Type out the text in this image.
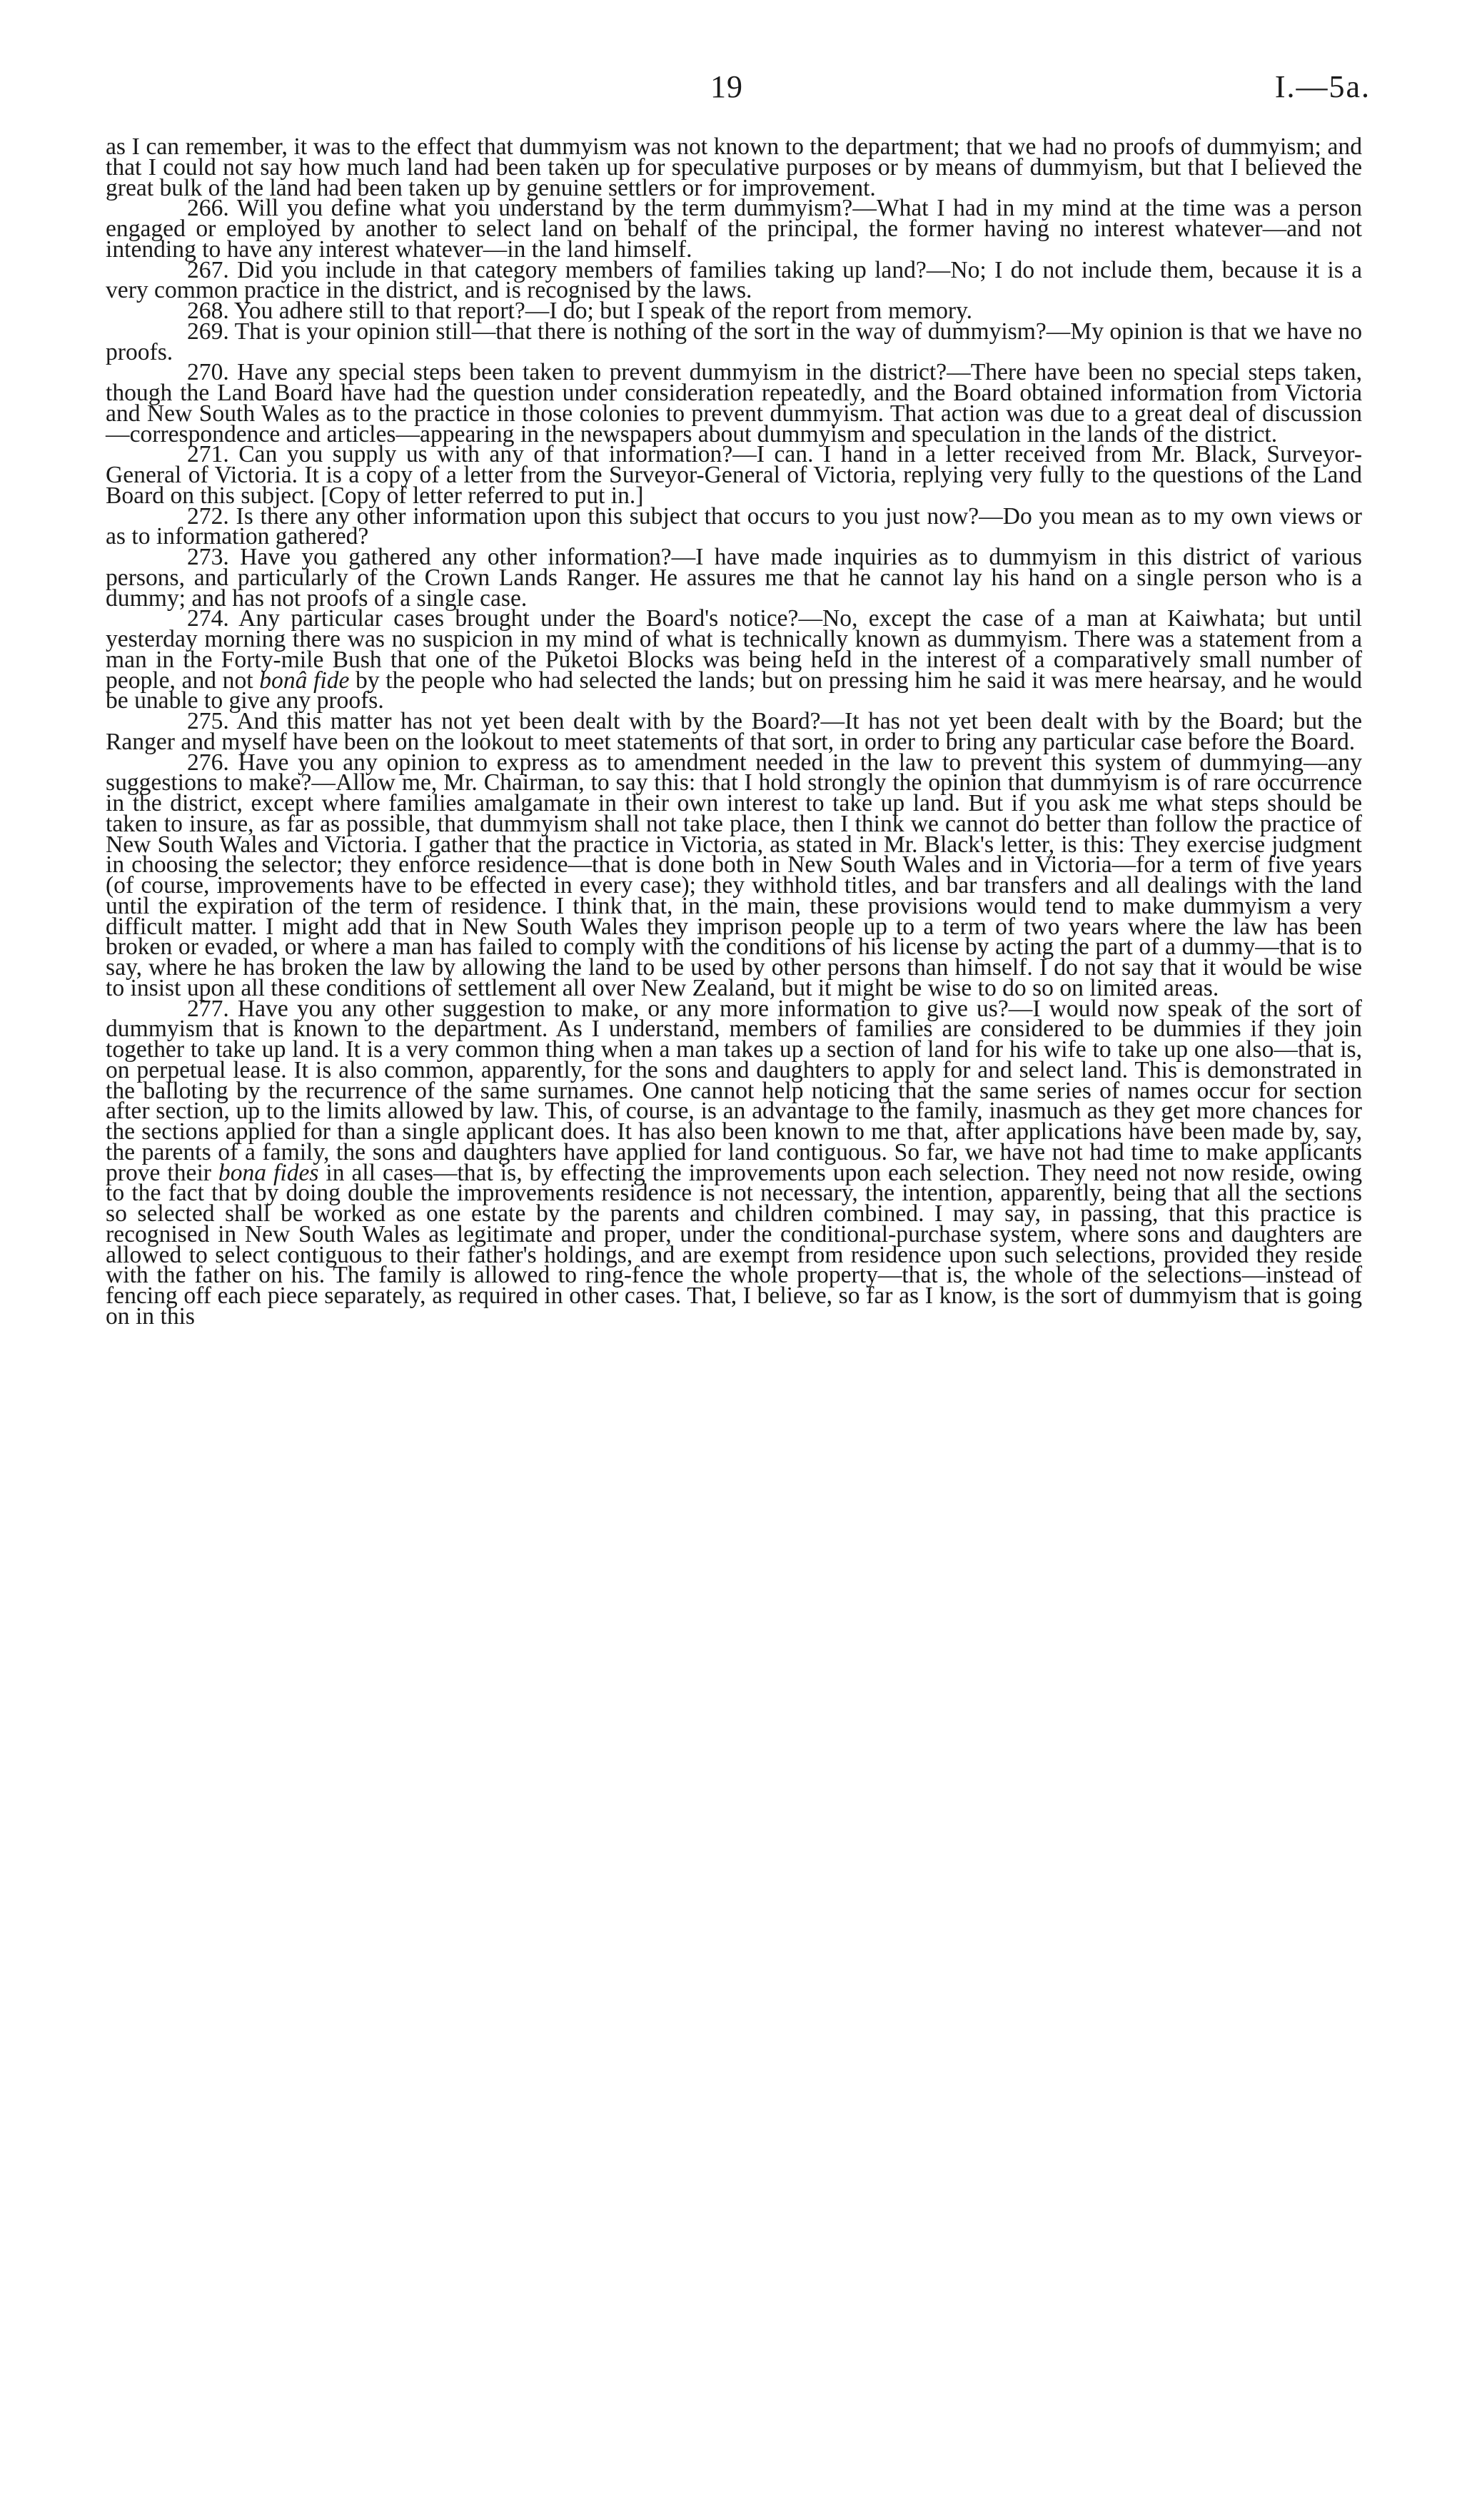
19	I.—5a.

as I can remember, it was to the effect that dummyism was not known to the department; that we had no proofs of dummyism; and that I could not say how much land had been taken up for speculative purposes or by means of dummyism, but that I believed the great bulk of the land had been taken up by genuine settlers or for improvement.

266. Will you define what you understand by the term dummyism?—What I had in my mind at the time was a person engaged or employed by another to select land on behalf of the principal, the former having no interest whatever—and not intending to have any interest whatever—in the land himself.

267. Did you include in that category members of families taking up land?—No; I do not include them, because it is a very common practice in the district, and is recognised by the laws.

268. You adhere still to that report?—I do; but I speak of the report from memory.

269. That is your opinion still—that there is nothing of the sort in the way of dummyism?—My opinion is that we have no proofs.

270. Have any special steps been taken to prevent dummyism in the district?—There have been no special steps taken, though the Land Board have had the question under consideration repeatedly, and the Board obtained information from Victoria and New South Wales as to the practice in those colonies to prevent dummyism. That action was due to a great deal of discussion—correspondence and articles—appearing in the newspapers about dummyism and speculation in the lands of the district.

271. Can you supply us with any of that information?—I can. I hand in a letter received from Mr. Black, Surveyor-General of Victoria. It is a copy of a letter from the Surveyor-General of Victoria, replying very fully to the questions of the Land Board on this subject. [Copy of letter referred to put in.]

272. Is there any other information upon this subject that occurs to you just now?—Do you mean as to my own views or as to information gathered?

273. Have you gathered any other information?—I have made inquiries as to dummyism in this district of various persons, and particularly of the Crown Lands Ranger. He assures me that he cannot lay his hand on a single person who is a dummy; and has not proofs of a single case.

274. Any particular cases brought under the Board's notice?—No, except the case of a man at Kaiwhata; but until yesterday morning there was no suspicion in my mind of what is technically known as dummyism. There was a statement from a man in the Forty-mile Bush that one of the Puketoi Blocks was being held in the interest of a comparatively small number of people, and not bonâ fide by the people who had selected the lands; but on pressing him he said it was mere hearsay, and he would be unable to give any proofs.

275. And this matter has not yet been dealt with by the Board?—It has not yet been dealt with by the Board; but the Ranger and myself have been on the lookout to meet statements of that sort, in order to bring any particular case before the Board.

276. Have you any opinion to express as to amendment needed in the law to prevent this system of dummying—any suggestions to make?—Allow me, Mr. Chairman, to say this: that I hold strongly the opinion that dummyism is of rare occurrence in the district, except where families amalgamate in their own interest to take up land. But if you ask me what steps should be taken to insure, as far as possible, that dummyism shall not take place, then I think we cannot do better than follow the practice of New South Wales and Victoria. I gather that the practice in Victoria, as stated in Mr. Black's letter, is this: They exercise judgment in choosing the selector; they enforce residence—that is done both in New South Wales and in Victoria—for a term of five years (of course, improvements have to be effected in every case); they withhold titles, and bar transfers and all dealings with the land until the expiration of the term of residence. I think that, in the main, these provisions would tend to make dummyism a very difficult matter. I might add that in New South Wales they imprison people up to a term of two years where the law has been broken or evaded, or where a man has failed to comply with the conditions of his license by acting the part of a dummy—that is to say, where he has broken the law by allowing the land to be used by other persons than himself. I do not say that it would be wise to insist upon all these conditions of settlement all over New Zealand, but it might be wise to do so on limited areas.

277. Have you any other suggestion to make, or any more information to give us?—I would now speak of the sort of dummyism that is known to the department. As I understand, members of families are considered to be dummies if they join together to take up land. It is a very common thing when a man takes up a section of land for his wife to take up one also—that is, on perpetual lease. It is also common, apparently, for the sons and daughters to apply for and select land. This is demonstrated in the balloting by the recurrence of the same surnames. One cannot help noticing that the same series of names occur for section after section, up to the limits allowed by law. This, of course, is an advantage to the family, inasmuch as they get more chances for the sections applied for than a single applicant does. It has also been known to me that, after applications have been made by, say, the parents of a family, the sons and daughters have applied for land contiguous. So far, we have not had time to make applicants prove their bona fides in all cases—that is, by effecting the improvements upon each selection. They need not now reside, owing to the fact that by doing double the improvements residence is not necessary, the intention, apparently, being that all the sections so selected shall be worked as one estate by the parents and children combined. I may say, in passing, that this practice is recognised in New South Wales as legitimate and proper, under the conditional-purchase system, where sons and daughters are allowed to select contiguous to their father's holdings, and are exempt from residence upon such selections, provided they reside with the father on his. The family is allowed to ring-fence the whole property—that is, the whole of the selections—instead of fencing off each piece separately, as required in other cases. That, I believe, so far as I know, is the sort of dummyism that is going on in this
